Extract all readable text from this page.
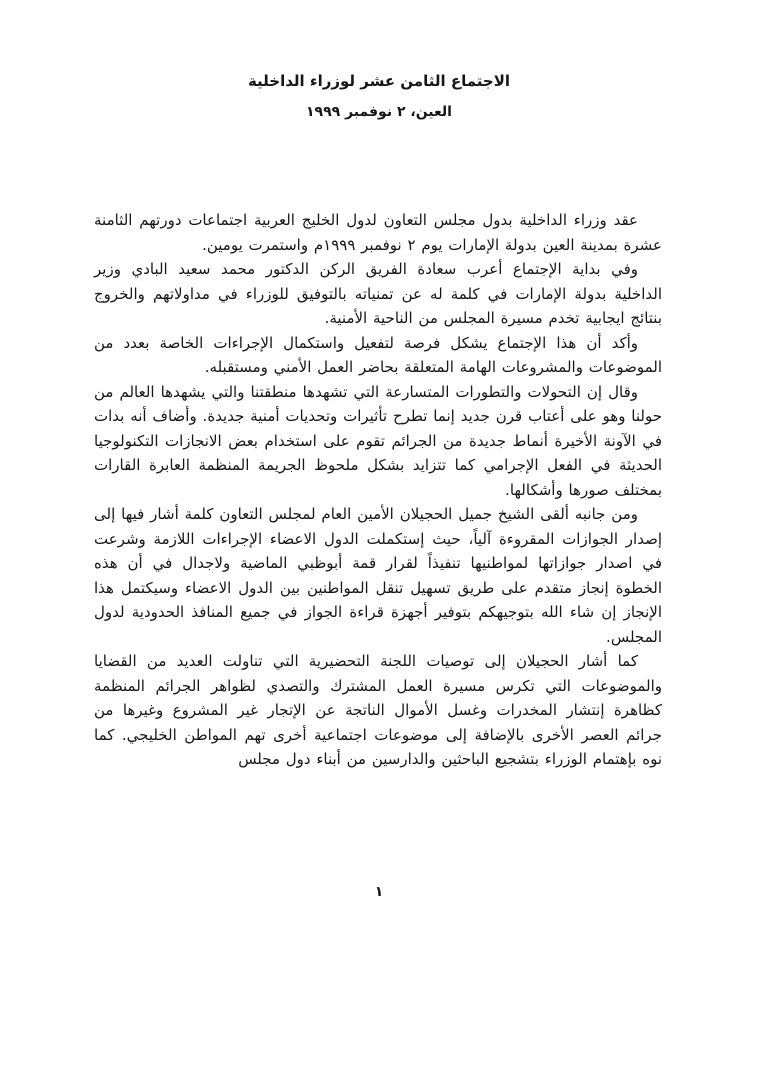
الاجتماع الثامن عشر لوزراء الداخلية
العين، ٢ نوفمبر ١٩٩٩

عقد وزراء الداخلية بدول مجلس التعاون لدول الخليج العربية اجتماعات دورتهم الثامنة عشرة بمدينة العين بدولة الإمارات يوم ٢ نوفمبر ١٩٩٩م واستمرت يومين.

وفي بداية الإجتماع أعرب سعادة الفريق الركن الدكتور محمد سعيد البادي وزير الداخلية بدولة الإمارات في كلمة له عن تمنياته بالتوفيق للوزراء في مداولاتهم والخروج بنتائج ايجابية تخدم مسيرة المجلس من الناحية الأمنية.

وأكد أن هذا الإجتماع يشكل فرصة لتفعيل واستكمال الإجراءات الخاصة بعدد من الموضوعات والمشروعات الهامة المتعلقة بحاضر العمل الأمني ومستقبله.

وقال إن التحولات والتطورات المتسارعة التي تشهدها منطقتنا والتي يشهدها العالم من حولنا وهو على أعتاب قرن جديد إنما تطرح تأثيرات وتحديات أمنية جديدة. وأضاف أنه بدات في الآونة الأخيرة أنماط جديدة من الجرائم تقوم على استخدام بعض الانجازات التكنولوجيا الحديثة في الفعل الإجرامي كما تتزايد بشكل ملحوظ الجريمة المنظمة العابرة القارات بمختلف صورها وأشكالها.

ومن جانبه ألقى الشيخ جميل الحجيلان الأمين العام لمجلس التعاون كلمة أشار فيها إلى إصدار الجوازات المقروءة آلياً، حيث إستكملت الدول الاعضاء الإجراءات اللازمة وشرعت في اصدار جوازاتها لمواطنيها تنفيذاً لقرار قمة أبوظبي الماضية ولاجدال في أن هذه الخطوة إنجاز متقدم على طريق تسهيل تنقل المواطنين بين الدول الاعضاء وسيكتمل هذا الإنجاز إن شاء الله بتوجيهكم بتوفير أجهزة قراءة الجواز في جميع المنافذ الحدودية لدول المجلس.

كما أشار الحجيلان إلى توصيات اللجنة التحضيرية التي تناولت العديد من القضايا والموضوعات التي تكرس مسيرة العمل المشترك والتصدي لظواهر الجرائم المنظمة كظاهرة إنتشار المخدرات وغسل الأموال الناتجة عن الإتجار غير المشروع وغيرها من جرائم العصر الأخرى بالإضافة إلى موضوعات اجتماعية أخرى تهم المواطن الخليجي. كما نوه بإهتمام الوزراء بتشجيع الباحثين والدارسين من أبناء دول مجلس

١
